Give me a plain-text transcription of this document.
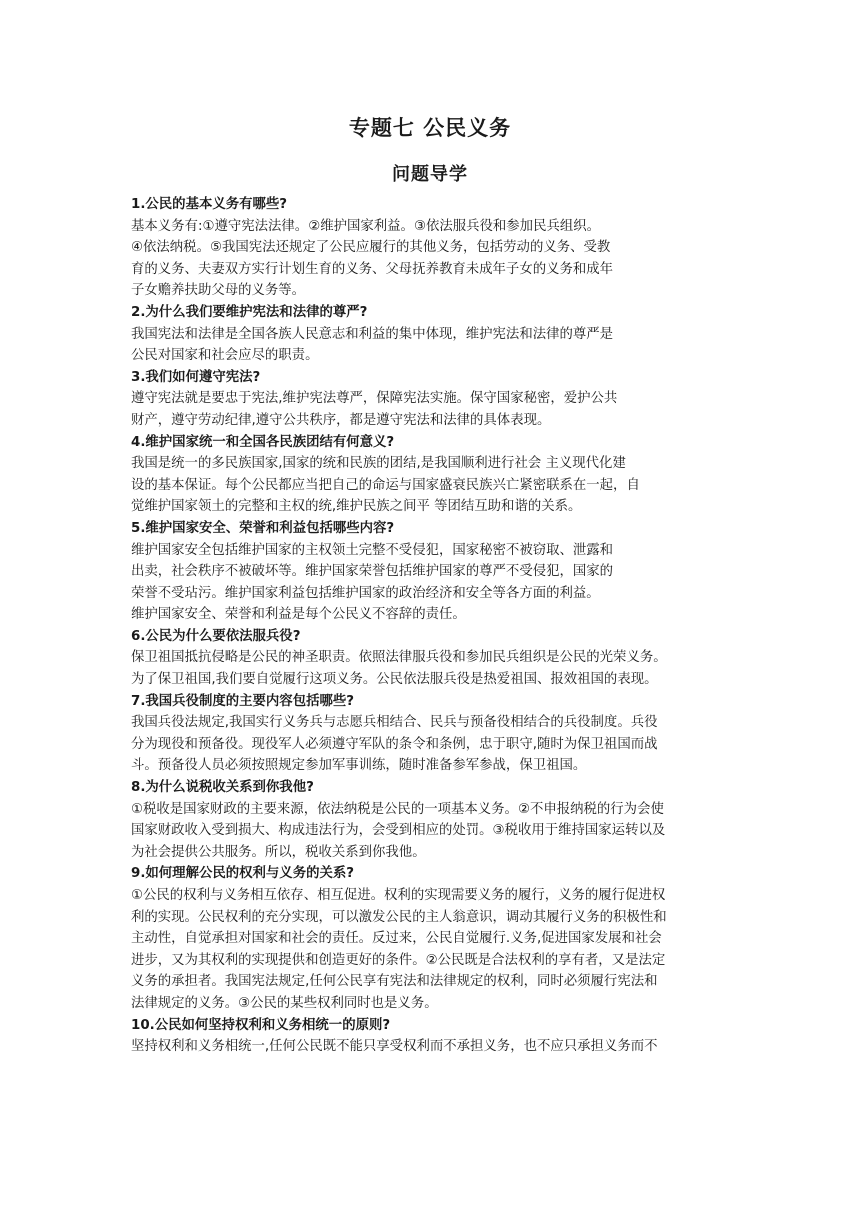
专题七 公民义务
问题导学
1.公民的基本义务有哪些?
基本义务有:①遵守宪法法律。②维护国家利益。③依法服兵役和参加民兵组织。
④依法纳税。⑤我国宪法还规定了公民应履行的其他义务，包括劳动的义务、受教
育的义务、夫妻双方实行计划生育的义务、父母抚养教育未成年子女的义务和成年
子女赡养扶助父母的义务等。
2.为什么我们要维护宪法和法律的尊严?
我国宪法和法律是全国各族人民意志和利益的集中体现，维护宪法和法律的尊严是
公民对国家和社会应尽的职责。
3.我们如何遵守宪法?
遵守宪法就是要忠于宪法,维护宪法尊严，保障宪法实施。保守国家秘密，爱护公共
财产，遵守劳动纪律,遵守公共秩序，都是遵守宪法和法律的具体表现。
4.维护国家统一和全国各民族团结有何意义?
我国是统一的多民族国家,国家的统和民族的团结,是我国顺利进行社会 主义现代化建
设的基本保证。每个公民都应当把自己的命运与国家盛衰民族兴亡紧密联系在一起，自
觉维护国家领土的完整和主权的统,维护民族之间平 等团结互助和谐的关系。
5.维护国家安全、荣誉和利益包括哪些内容?
维护国家安全包括维护国家的主权领土完整不受侵犯，国家秘密不被窃取、泄露和
出卖，社会秩序不被破坏等。维护国家荣誉包括维护国家的尊严不受侵犯，国家的
荣誉不受玷污。维护国家利益包括维护国家的政治经济和安全等各方面的利益。
维护国家安全、荣誉和利益是每个公民义不容辞的责任。
6.公民为什么要依法服兵役?
保卫祖国抵抗侵略是公民的神圣职责。依照法律服兵役和参加民兵组织是公民的光荣义务。
为了保卫祖国,我们要自觉履行这项义务。公民依法服兵役是热爱祖国、报效祖国的表现。
7.我国兵役制度的主要内容包括哪些?
我国兵役法规定,我国实行义务兵与志愿兵相结合、民兵与预备役相结合的兵役制度。兵役
分为现役和预备役。现役军人必须遵守军队的条令和条例，忠于职守,随时为保卫祖国而战
斗。预备役人员必须按照规定参加军事训练，随时准备参军参战，保卫祖国。
8.为什么说税收关系到你我他?
①税收是国家财政的主要来源，依法纳税是公民的一项基本义务。②不申报纳税的行为会使
国家财政收入受到损大、构成违法行为，会受到相应的处罚。③税收用于维持国家运转以及
为社会提供公共服务。所以，税收关系到你我他。
9.如何理解公民的权利与义务的关系?
①公民的权利与义务相互依存、相互促进。权利的实现需要义务的履行，义务的履行促进权
利的实现。公民权利的充分实现，可以激发公民的主人翁意识，调动其履行义务的积极性和
主动性，自觉承担对国家和社会的责任。反过来，公民自觉履行.义务,促进国家发展和社会
进步，又为其权利的实现提供和创造更好的条件。②公民既是合法权利的享有者，又是法定
义务的承担者。我国宪法规定,任何公民享有宪法和法律规定的权利，同时必须履行宪法和
法律规定的义务。③公民的某些权利同时也是义务。
10.公民如何坚持权利和义务相统一的原则?
坚持权利和义务相统一,任何公民既不能只享受权利而不承担义务，也不应只承担义务而不
